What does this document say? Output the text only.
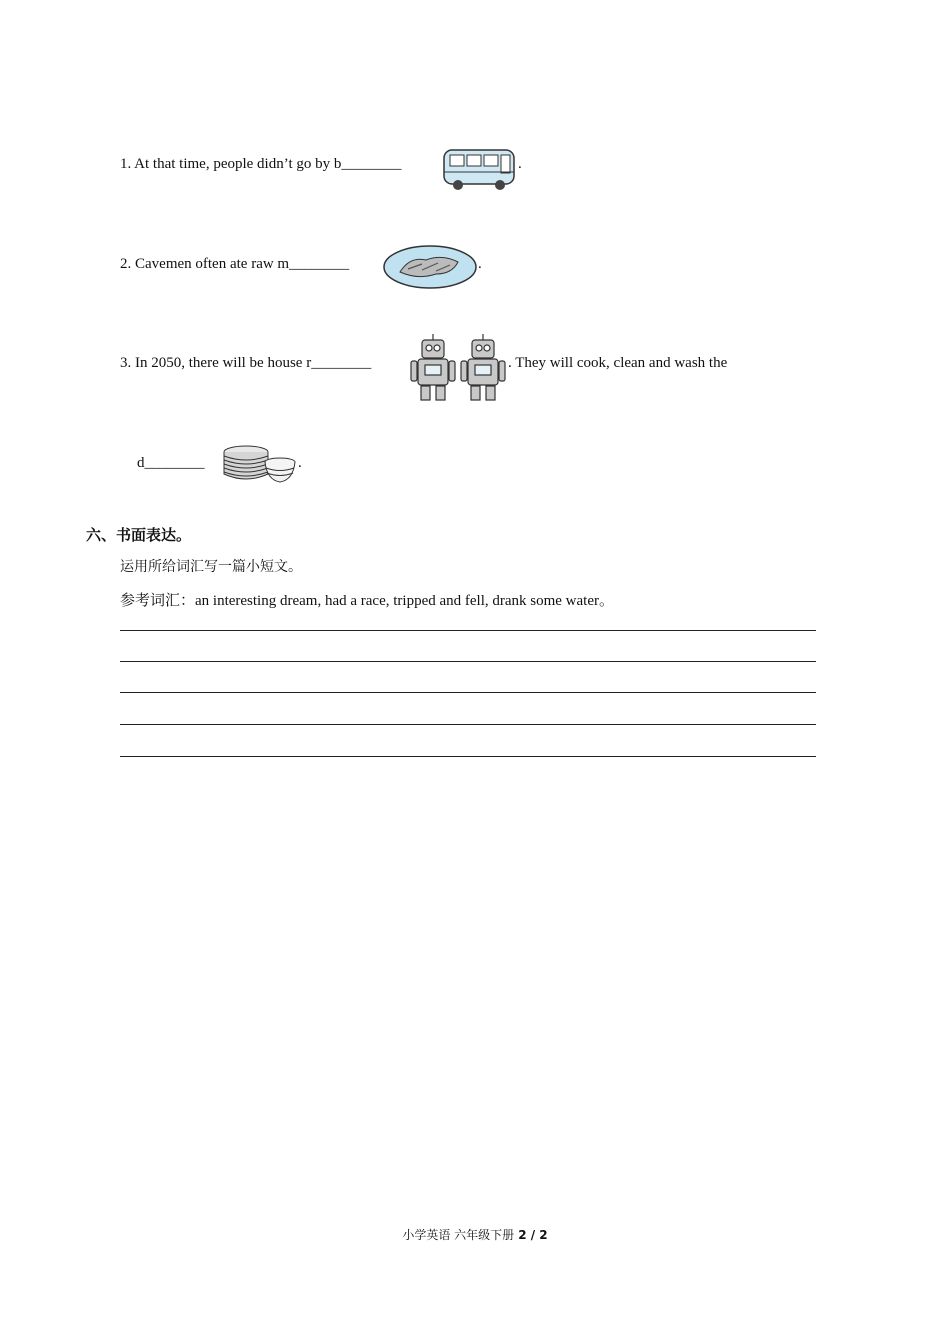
1. At that time, people didn’t go by b________	.
2. Cavemen often ate raw m________	.
3. In 2050, there will be house r________	. They will cook, clean and wash the
d________	.
六、书面表达。
运用所给词汇写一篇小短文。
参考词汇：an interesting dream, had a race, tripped and fell, drank some water。
小学英语 六年级下册 2 / 2
